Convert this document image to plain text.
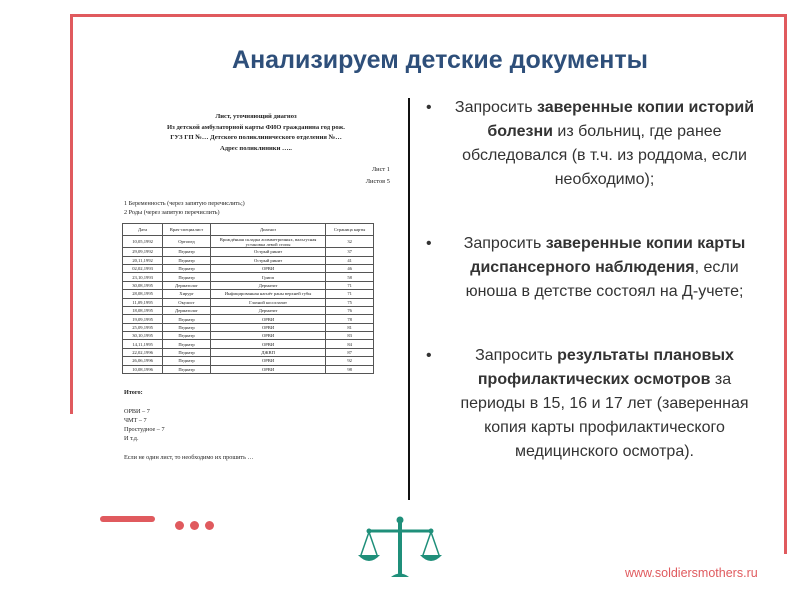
Анализируем детские документы
Лист, уточняющий диагноз
Из детской амбулаторной карты ФИО гражданина год рож.
ГУЗ ГП №… Детского поликлинического отделения №…
Адрес поликлиники …..
Лист 1
Листов 5
1 Беременность (через запятую перечислить;)
2 Роды (через запятую перечислить)
Дата	Врач-специалист	Диагноз	Страница карты
10,05,1992	Ортопед	Врождённая складка асимметричных, вальгусная установка левой стопы	32
29,09,1992	Педиатр	Острый ринит	37
20,11,1992	Педиатр	Острый ринит	41
02,02,1993	Педиатр	ОРВИ	46
23,10,1993	Педиатр	Грипп	58
30,08,1995	Дерматолог	Дерматит	71
28,08,1995	Хирург	Инфицированная нагнёт раны верхней губы	71
11,09,1995	Окулист	Глазной косоглазит	75
18,08,1995	Дерматолог	Дерматит	76
19,09,1995	Педиатр	ОРВИ	78
25,09,1995	Педиатр	ОРВИ	81
30,10,1995	Педиатр	ОРВИ	83
14,11,1995	Педиатр	ОРВИ	84
22,02,1996	Педиатр	ДЖВП	87
26,06,1996	Педиатр	ОРВИ	92
10,08,1996	Педиатр	ОРВИ	98
Итого:
ОРВИ – 7
ЧМТ – 7
Простудное – 7
И т.д.
Если не один лист, то необходимо их прошить …
• Запросить заверенные копии историй болезни из больниц, где ранее обследовался (в т.ч. из роддома, если необходимо);
• Запросить заверенные копии карты диспансерного наблюдения, если юноша в детстве состоял на Д-учете;
•	Запросить результаты плановых профилактических осмотров за периоды в 15, 16 и 17 лет (заверенная копия карты профилактического медицинского осмотра).
www.soldiersmothers.ru
